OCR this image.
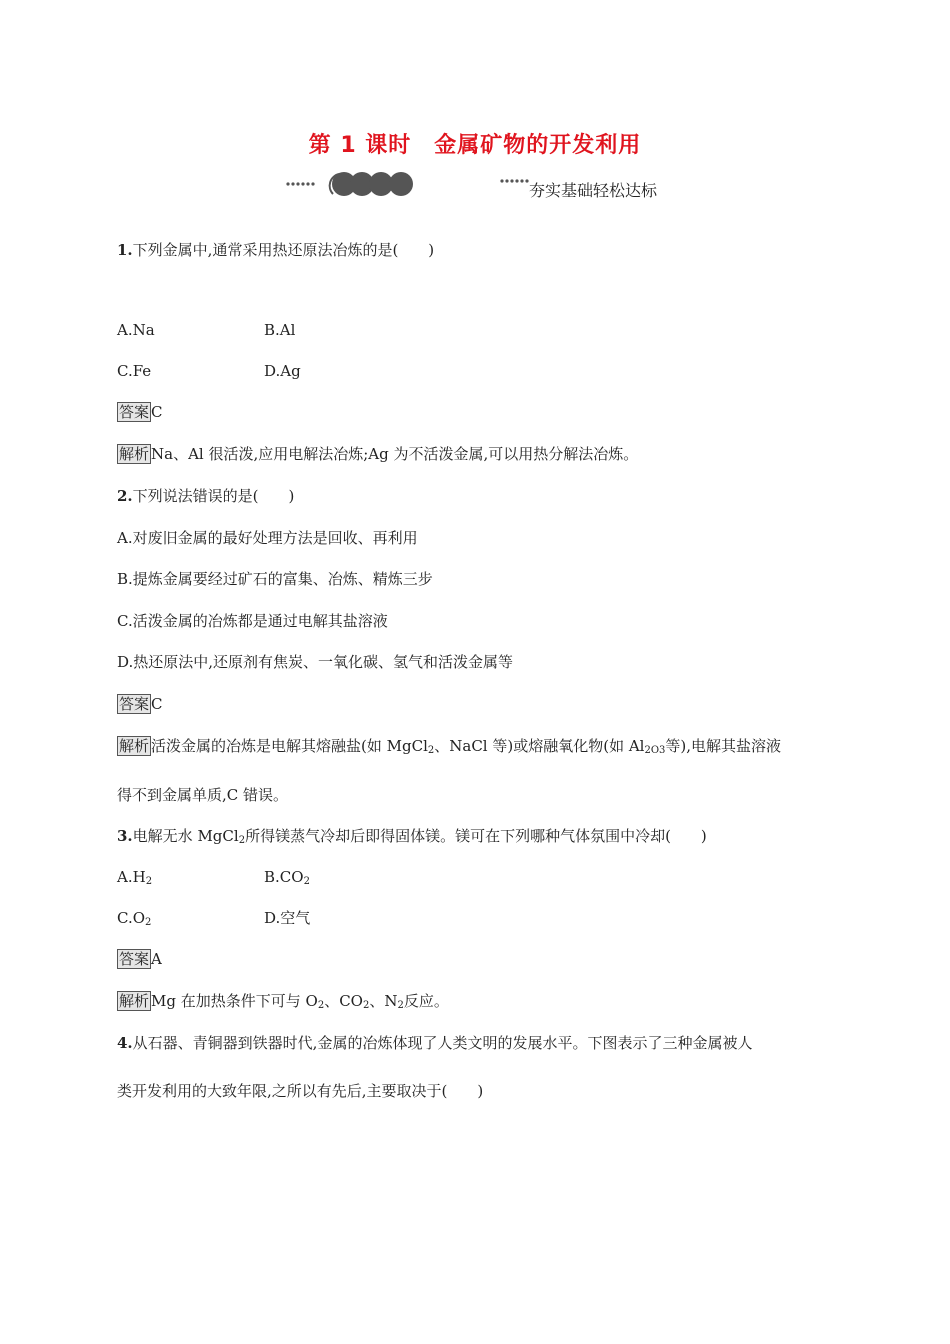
第 1 课时　金属矿物的开发利用
夯实基础轻松达标
1.下列金属中,通常采用热还原法冶炼的是(　　)
A.Na	B.Al
C.Fe	D.Ag
答案 C
解析 Na、Al 很活泼,应用电解法冶炼;Ag 为不活泼金属,可以用热分解法冶炼。
2.下列说法错误的是(　　)
A.对废旧金属的最好处理方法是回收、再利用
B.提炼金属要经过矿石的富集、冶炼、精炼三步
C.活泼金属的冶炼都是通过电解其盐溶液
D.热还原法中,还原剂有焦炭、一氧化碳、氢气和活泼金属等
答案 C
解析 活泼金属的冶炼是电解其熔融盐(如 MgCl$_2$、NaCl 等)或熔融氧化物(如 $Al_{2O3}$等),电解其盐溶液
得不到金属单质,C 错误。
3.电解无水 MgCl$_2$所得镁蒸气冷却后即得固体镁。镁可在下列哪种气体氛围中冷却(　　)
$A.H_2$	$B.CO_2$
$C.O_2$	D.空气
答案 A
解析 Mg 在加热条件下可与 $O_2$、$CO_2$、$N_2$反应。
4.从石器、青铜器到铁器时代,金属的冶炼体现了人类文明的发展水平。下图表示了三种金属被人
类开发利用的大致年限,之所以有先后,主要取决于(　　)
